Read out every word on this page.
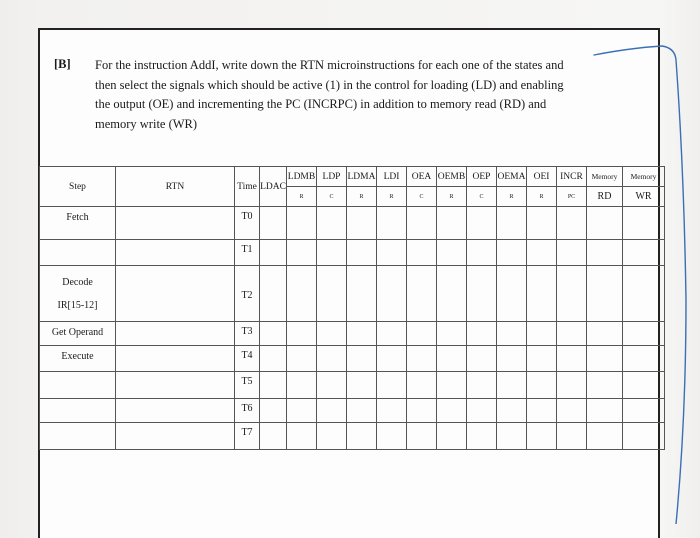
[B] For the instruction AddI, write down the RTN microinstructions for each one of the states and then select the signals which should be active (1) in the control for loading (LD) and enabling the output (OE) and incrementing the PC (INCRPC) in addition to memory read (RD) and memory write (WR)

Step	RTN	Time	LDAC	LDMB	LDP	LDMA	LDI	OEA	OEMB	OEP	OEMA	OEI	INCR	Memory	Memory
				R	C	R	R	C	R	C	R	R	PC	RD	WR

Fetch		T0													
		T1													

Decode
IR[15-12]		T2													

Get Operand		T3													

Execute		T4													
		T5													
		T6													
		T7													
